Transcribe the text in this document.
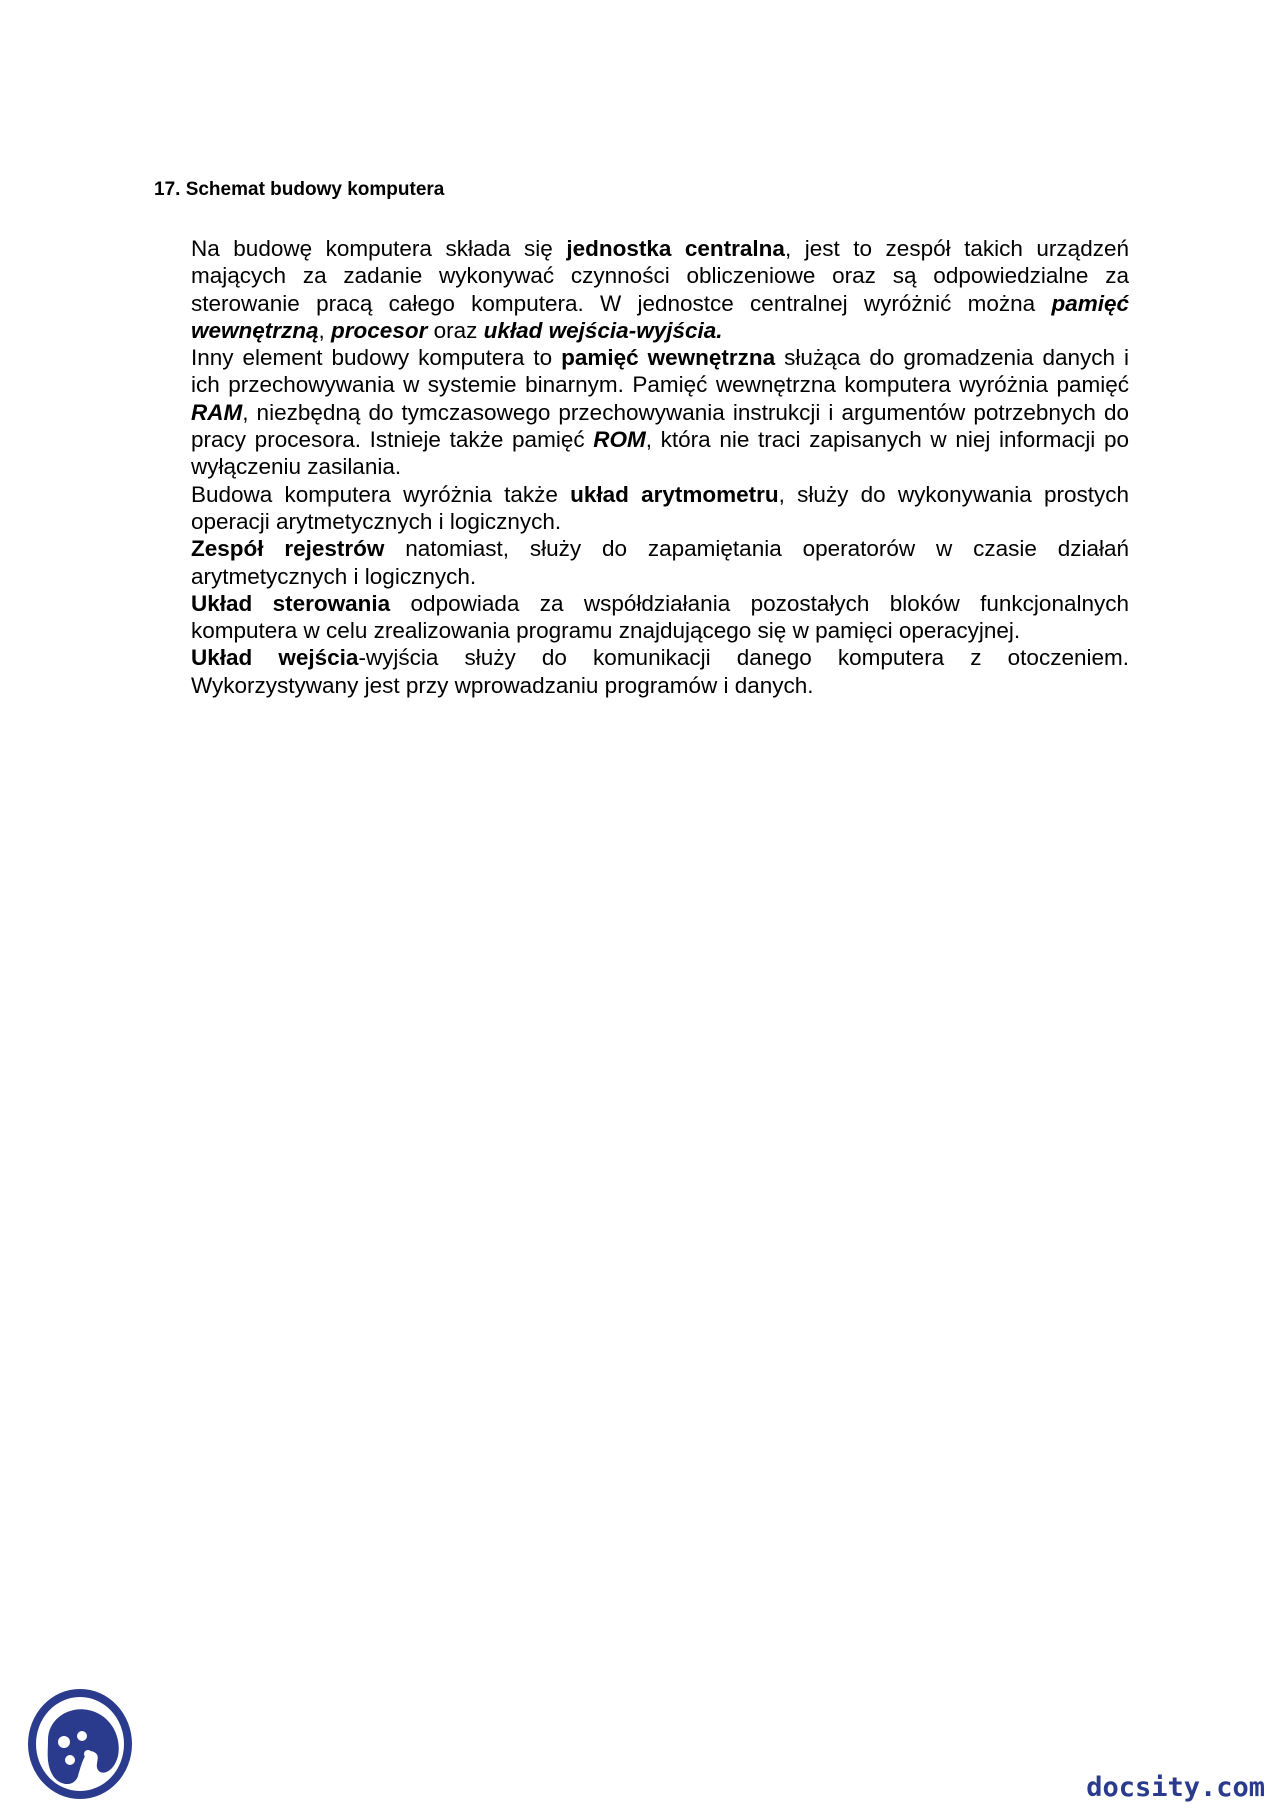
17. Schemat budowy komputera

Na budowę komputera składa się jednostka centralna, jest to zespół takich urządzeń mających za zadanie wykonywać czynności obliczeniowe oraz są odpowiedzialne za sterowanie pracą całego komputera. W jednostce centralnej wyróżnić można pamięć wewnętrzną, procesor oraz układ wejścia-wyjścia.

Inny element budowy komputera to pamięć wewnętrzna służąca do gromadzenia danych i ich przechowywania w systemie binarnym. Pamięć wewnętrzna komputera wyróżnia pamięć RAM, niezbędną do tymczasowego przechowywania instrukcji i argumentów potrzebnych do pracy procesora. Istnieje także pamięć ROM, która nie traci zapisanych w niej informacji po wyłączeniu zasilania.

Budowa komputera wyróżnia także układ arytmometru, służy do wykonywania prostych operacji arytmetycznych i logicznych.

Zespół rejestrów natomiast, służy do zapamiętania operatorów w czasie działań arytmetycznych i logicznych.

Układ sterowania odpowiada za współdziałania pozostałych bloków funkcjonalnych komputera w celu zrealizowania programu znajdującego się w pamięci operacyjnej.

Układ wejścia-wyjścia służy do komunikacji danego komputera z otoczeniem. Wykorzystywany jest przy wprowadzaniu programów i danych.

docsity.com
